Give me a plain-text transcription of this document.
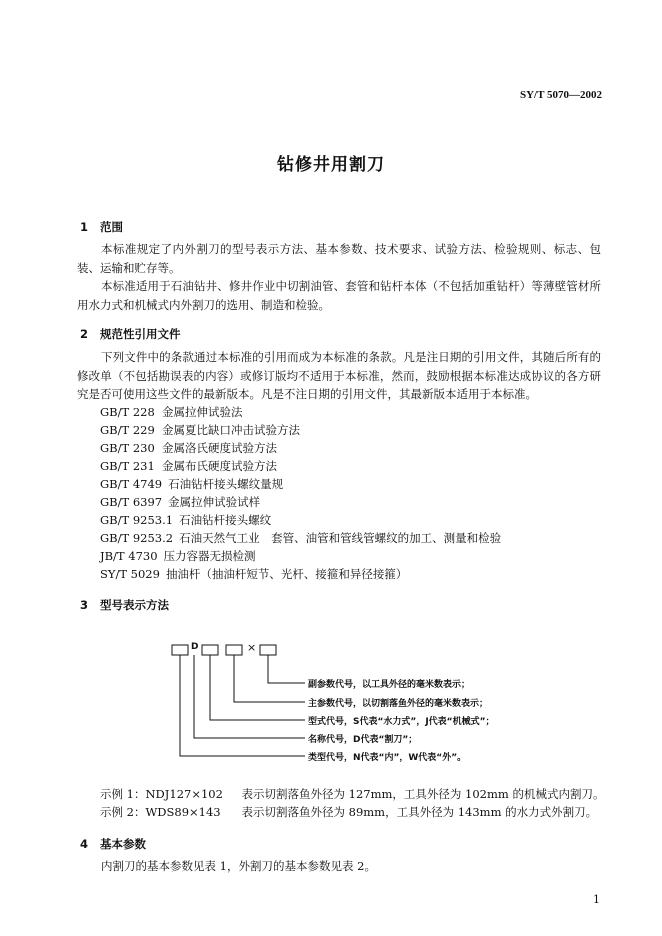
SY/T 5070—2002
钻修井用割刀
1 范围
本标准规定了内外割刀的型号表示方法、基本参数、技术要求、试验方法、检验规则、标志、包装、运输和贮存等。
本标准适用于石油钻井、修井作业中切割油管、套管和钻杆本体（不包括加重钻杆）等薄壁管材所用水力式和机械式内外割刀的选用、制造和检验。
2 规范性引用文件
下列文件中的条款通过本标准的引用而成为本标准的条款。凡是注日期的引用文件，其随后所有的修改单（不包括勘误表的内容）或修订版均不适用于本标准，然而，鼓励根据本标准达成协议的各方研究是否可使用这些文件的最新版本。凡是不注日期的引用文件，其最新版本适用于本标准。
GB/T 228 金属拉伸试验法
GB/T 229 金属夏比缺口冲击试验方法
GB/T 230 金属洛氏硬度试验方法
GB/T 231 金属布氏硬度试验方法
GB/T 4749 石油钻杆接头螺纹量规
GB/T 6397 金属拉伸试验试样
GB/T 9253.1 石油钻杆接头螺纹
GB/T 9253.2 石油天然气工业　套管、油管和管线管螺纹的加工、测量和检验
JB/T 4730 压力容器无损检测
SY/T 5029 抽油杆（抽油杆短节、光杆、接箍和异径接箍）
3 型号表示方法
D	×
副参数代号，以工具外径的毫米数表示；
主参数代号，以切割落鱼外径的毫米数表示；
型式代号，S代表“水力式”，J代表“机械式”；
名称代号，D代表“割刀”；
类型代号，N代表“内”，W代表“外”。
示例 1：NDJ127×102 表示切割落鱼外径为 127mm，工具外径为 102mm 的机械式内割刀。
示例 2：WDS89×143 表示切割落鱼外径为 89mm，工具外径为 143mm 的水力式外割刀。
4 基本参数
内割刀的基本参数见表 1，外割刀的基本参数见表 2。
1
